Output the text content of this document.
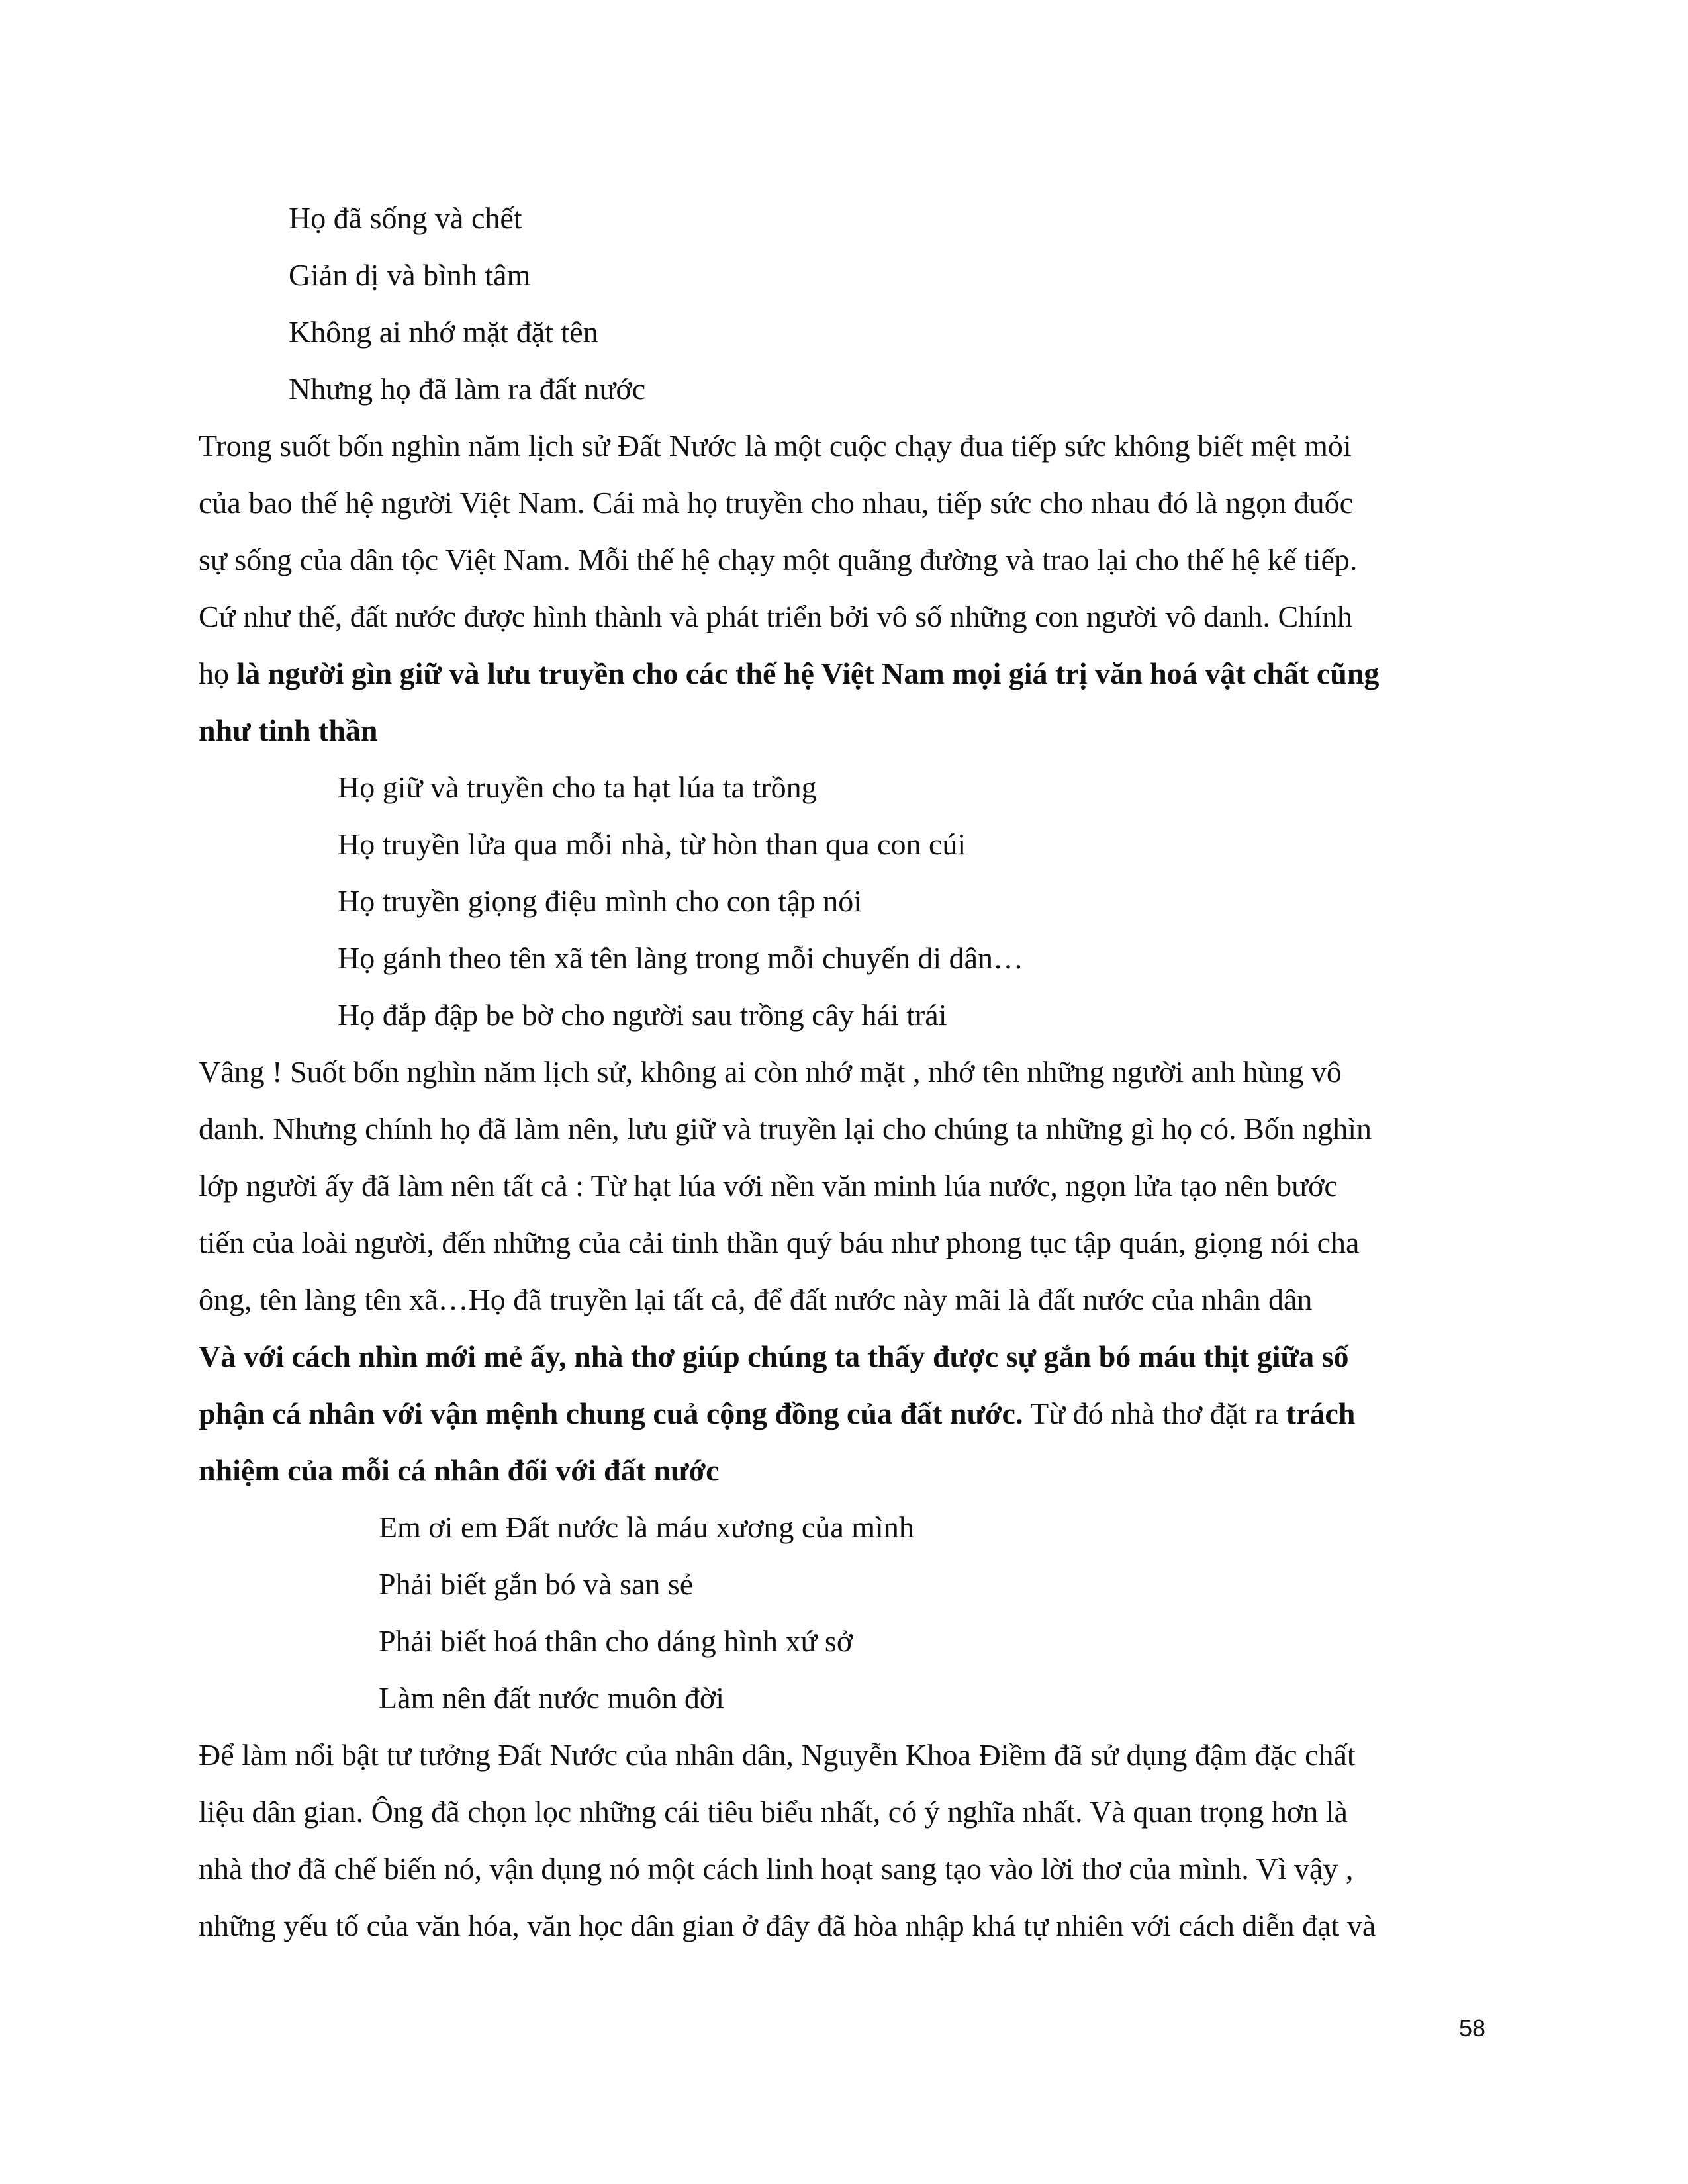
Họ đã sống và chết
Giản dị và bình tâm
Không ai nhớ mặt đặt tên
Nhưng họ đã làm ra đất nước
Trong suốt bốn nghìn năm lịch sử Đất Nước là một cuộc chạy đua tiếp sức không biết mệt mỏi
của bao thế hệ người Việt Nam. Cái mà họ truyền cho nhau, tiếp sức cho nhau đó là ngọn đuốc
sự sống của dân tộc Việt Nam. Mỗi thế hệ chạy một quãng đường và trao lại cho thế hệ kế tiếp.
Cứ như thế, đất nước được hình thành và phát triển bởi vô số những con người vô danh. Chính
họ là người gìn giữ và lưu truyền cho các thế hệ Việt Nam mọi giá trị văn hoá vật chất cũng
như tinh thần
Họ giữ và truyền cho ta hạt lúa ta trồng
Họ truyền lửa qua mỗi nhà, từ hòn than qua con cúi
Họ truyền giọng điệu mình cho con tập nói
Họ gánh theo tên xã tên làng trong mỗi chuyến di dân…
Họ đắp đập be bờ cho người sau trồng cây hái trái
Vâng ! Suốt bốn nghìn năm lịch sử, không ai còn nhớ mặt , nhớ tên những người anh hùng vô
danh. Nhưng chính họ đã làm nên, lưu giữ và truyền lại cho chúng ta những gì họ có. Bốn nghìn
lớp người ấy đã làm nên tất cả : Từ hạt lúa với nền văn minh lúa nước, ngọn lửa tạo nên bước
tiến của loài người, đến những của cải tinh thần quý báu như phong tục tập quán, giọng nói cha
ông, tên làng tên xã…Họ đã truyền lại tất cả, để đất nước này mãi là đất nước của nhân dân
Và với cách nhìn mới mẻ ấy, nhà thơ giúp chúng ta thấy được sự gắn bó máu thịt giữa số
phận cá nhân với vận mệnh chung cuả cộng đồng của đất nước. Từ đó nhà thơ đặt ra trách
nhiệm của mỗi cá nhân đối với đất nước
Em ơi em Đất nước là máu xương của mình
Phải biết gắn bó và san sẻ
Phải biết hoá thân cho dáng hình xứ sở
Làm nên đất nước muôn đời
Để làm nổi bật tư tưởng Đất Nước của nhân dân, Nguyễn Khoa Điềm đã sử dụng đậm đặc chất
liệu dân gian. Ông đã chọn lọc những cái tiêu biểu nhất, có ý nghĩa nhất. Và quan trọng hơn là
nhà thơ đã chế biến nó, vận dụng nó một cách linh hoạt sang tạo vào lời thơ của mình. Vì vậy ,
những yếu tố của văn hóa, văn học dân gian ở đây đã hòa nhập khá tự nhiên với cách diễn đạt và
58
